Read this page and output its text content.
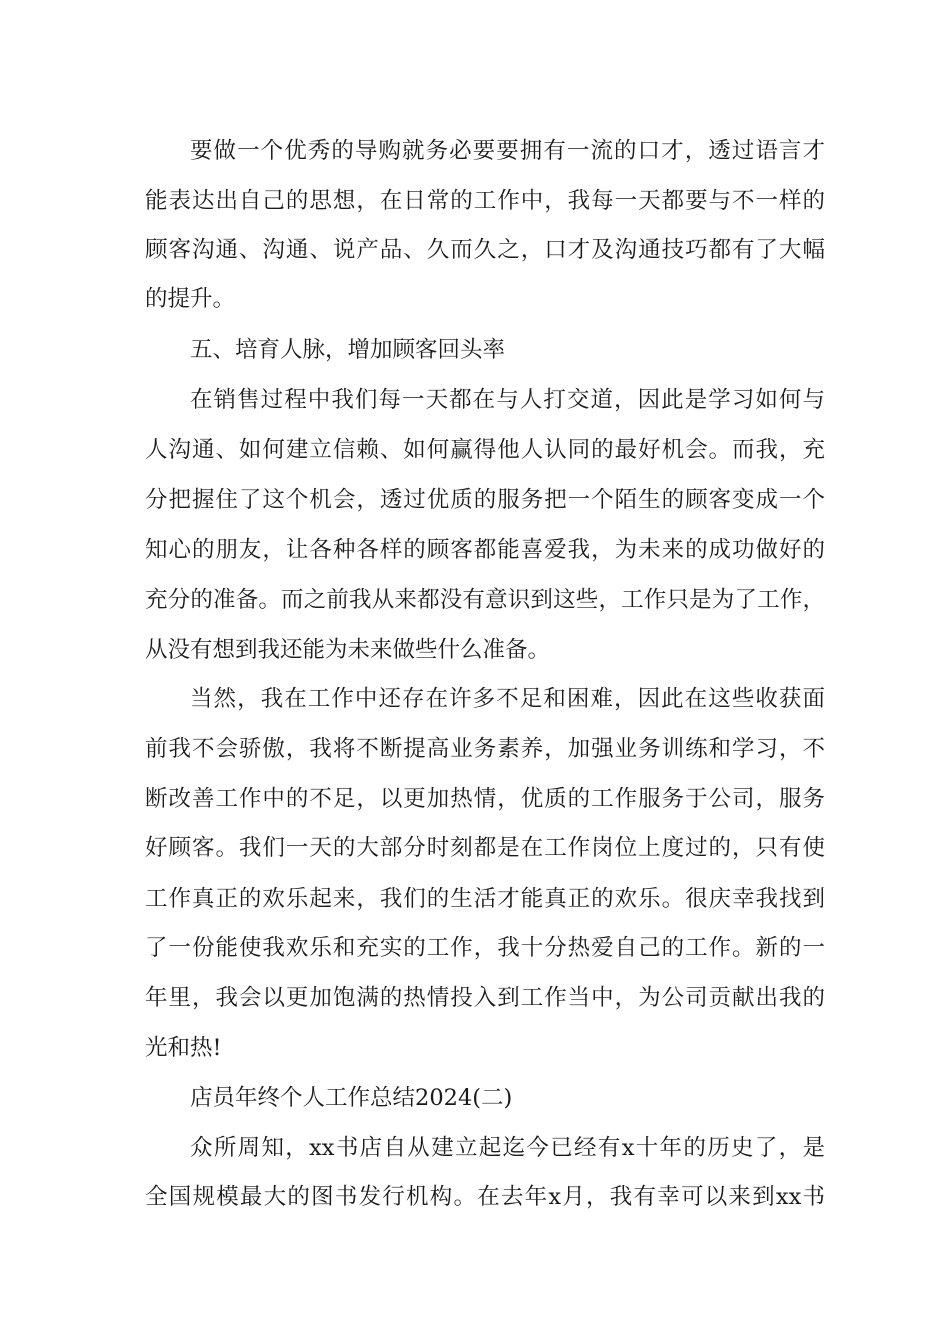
要做一个优秀的导购就务必要要拥有一流的口才，透过语言才
能表达出自己的思想，在日常的工作中，我每一天都要与不一样的
顾客沟通、沟通、说产品、久而久之，口才及沟通技巧都有了大幅
的提升。
五、培育人脉，增加顾客回头率
在销售过程中我们每一天都在与人打交道，因此是学习如何与
人沟通、如何建立信赖、如何赢得他人认同的最好机会。而我，充
分把握住了这个机会，透过优质的服务把一个陌生的顾客变成一个
知心的朋友，让各种各样的顾客都能喜爱我，为未来的成功做好的
充分的准备。而之前我从来都没有意识到这些，工作只是为了工作，
从没有想到我还能为未来做些什么准备。
当然，我在工作中还存在许多不足和困难，因此在这些收获面
前我不会骄傲，我将不断提高业务素养，加强业务训练和学习，不
断改善工作中的不足，以更加热情，优质的工作服务于公司，服务
好顾客。我们一天的大部分时刻都是在工作岗位上度过的，只有使
工作真正的欢乐起来，我们的生活才能真正的欢乐。很庆幸我找到
了一份能使我欢乐和充实的工作，我十分热爱自己的工作。新的一
年里，我会以更加饱满的热情投入到工作当中，为公司贡献出我的
光和热!
店员年终个人工作总结2024(二)
众所周知，xx书店自从建立起迄今已经有x十年的历史了，是
全国规模最大的图书发行机构。在去年x月，我有幸可以来到xx书
